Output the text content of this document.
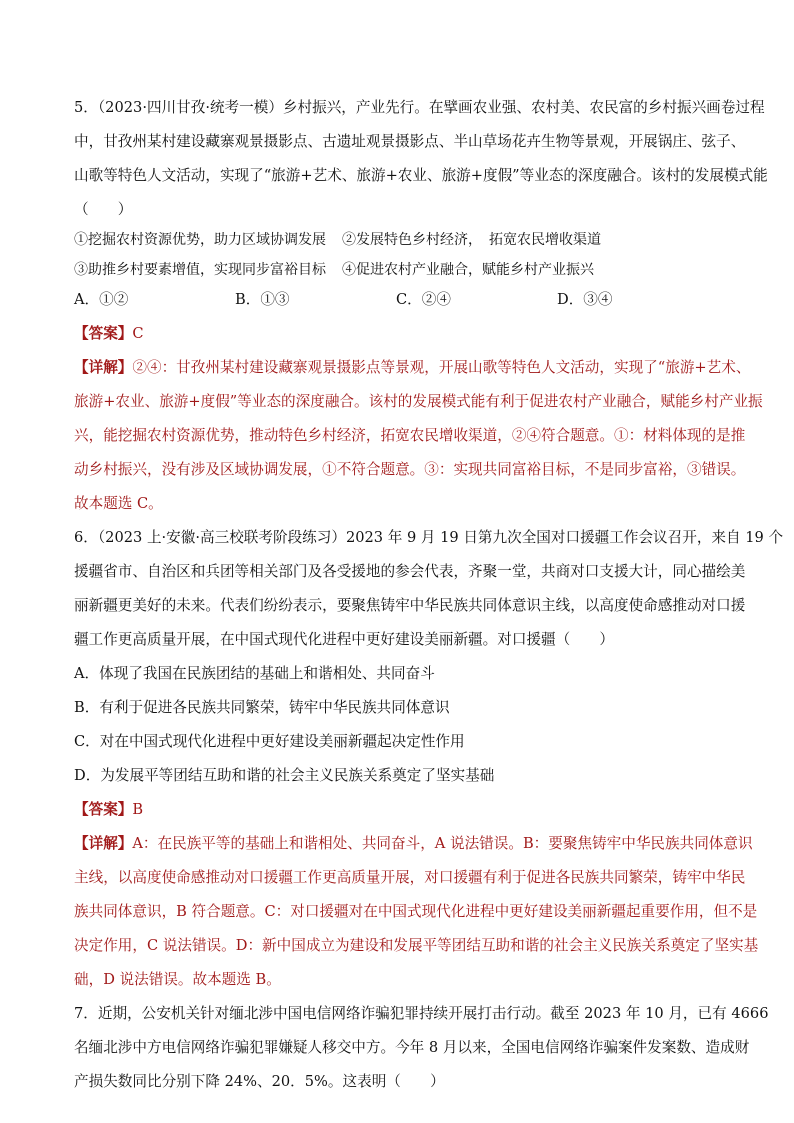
5．（2023·四川甘孜·统考一模）乡村振兴，产业先行。在擘画农业强、农村美、农民富的乡村振兴画卷过程
中，甘孜州某村建设藏寨观景摄影点、古遗址观景摄影点、半山草场花卉生物等景观，开展锅庄、弦子、
山歌等特色人文活动，实现了“旅游+艺术、旅游+农业、旅游+度假”等业态的深度融合。该村的发展模式能
（　　）
①挖掘农村资源优势，助力区域协调发展 ②发展特色乡村经济，　拓宽农民增收渠道
③助推乡村要素增值，实现同步富裕目标 ④促进农村产业融合，赋能乡村产业振兴
A．①②	B．①③	C．②④	D．③④
【答案】C
【详解】②④：甘孜州某村建设藏寨观景摄影点等景观，开展山歌等特色人文活动，实现了“旅游+艺术、
旅游+农业、旅游+度假”等业态的深度融合。该村的发展模式能有利于促进农村产业融合，赋能乡村产业振
兴，能挖掘农村资源优势，推动特色乡村经济，拓宽农民增收渠道，②④符合题意。①：材料体现的是推
动乡村振兴，没有涉及区域协调发展，①不符合题意。③：实现共同富裕目标，不是同步富裕，③错误。
故本题选 C。
6．（2023 上·安徽·高三校联考阶段练习）2023 年 9 月 19 日第九次全国对口援疆工作会议召开，来自 19 个
援疆省市、自治区和兵团等相关部门及各受援地的参会代表，齐聚一堂，共商对口支援大计，同心描绘美
丽新疆更美好的未来。代表们纷纷表示，要聚焦铸牢中华民族共同体意识主线，以高度使命感推动对口援
疆工作更高质量开展，在中国式现代化进程中更好建设美丽新疆。对口援疆（　　）
A．体现了我国在民族团结的基础上和谐相处、共同奋斗
B．有利于促进各民族共同繁荣，铸牢中华民族共同体意识
C．对在中国式现代化进程中更好建设美丽新疆起决定性作用
D．为发展平等团结互助和谐的社会主义民族关系奠定了坚实基础
【答案】B
【详解】A：在民族平等的基础上和谐相处、共同奋斗，A 说法错误。B：要聚焦铸牢中华民族共同体意识
主线，以高度使命感推动对口援疆工作更高质量开展，对口援疆有利于促进各民族共同繁荣，铸牢中华民
族共同体意识，B 符合题意。C：对口援疆对在中国式现代化进程中更好建设美丽新疆起重要作用，但不是
决定作用，C 说法错误。D：新中国成立为建设和发展平等团结互助和谐的社会主义民族关系奠定了坚实基
础，D 说法错误。故本题选 B。
7．近期，公安机关针对缅北涉中国电信网络诈骗犯罪持续开展打击行动。截至 2023 年 10 月，已有 4666
名缅北涉中方电信网络诈骗犯罪嫌疑人移交中方。今年 8 月以来，全国电信网络诈骗案件发案数、造成财
产损失数同比分别下降 24%、20．5%。这表明（　　）
